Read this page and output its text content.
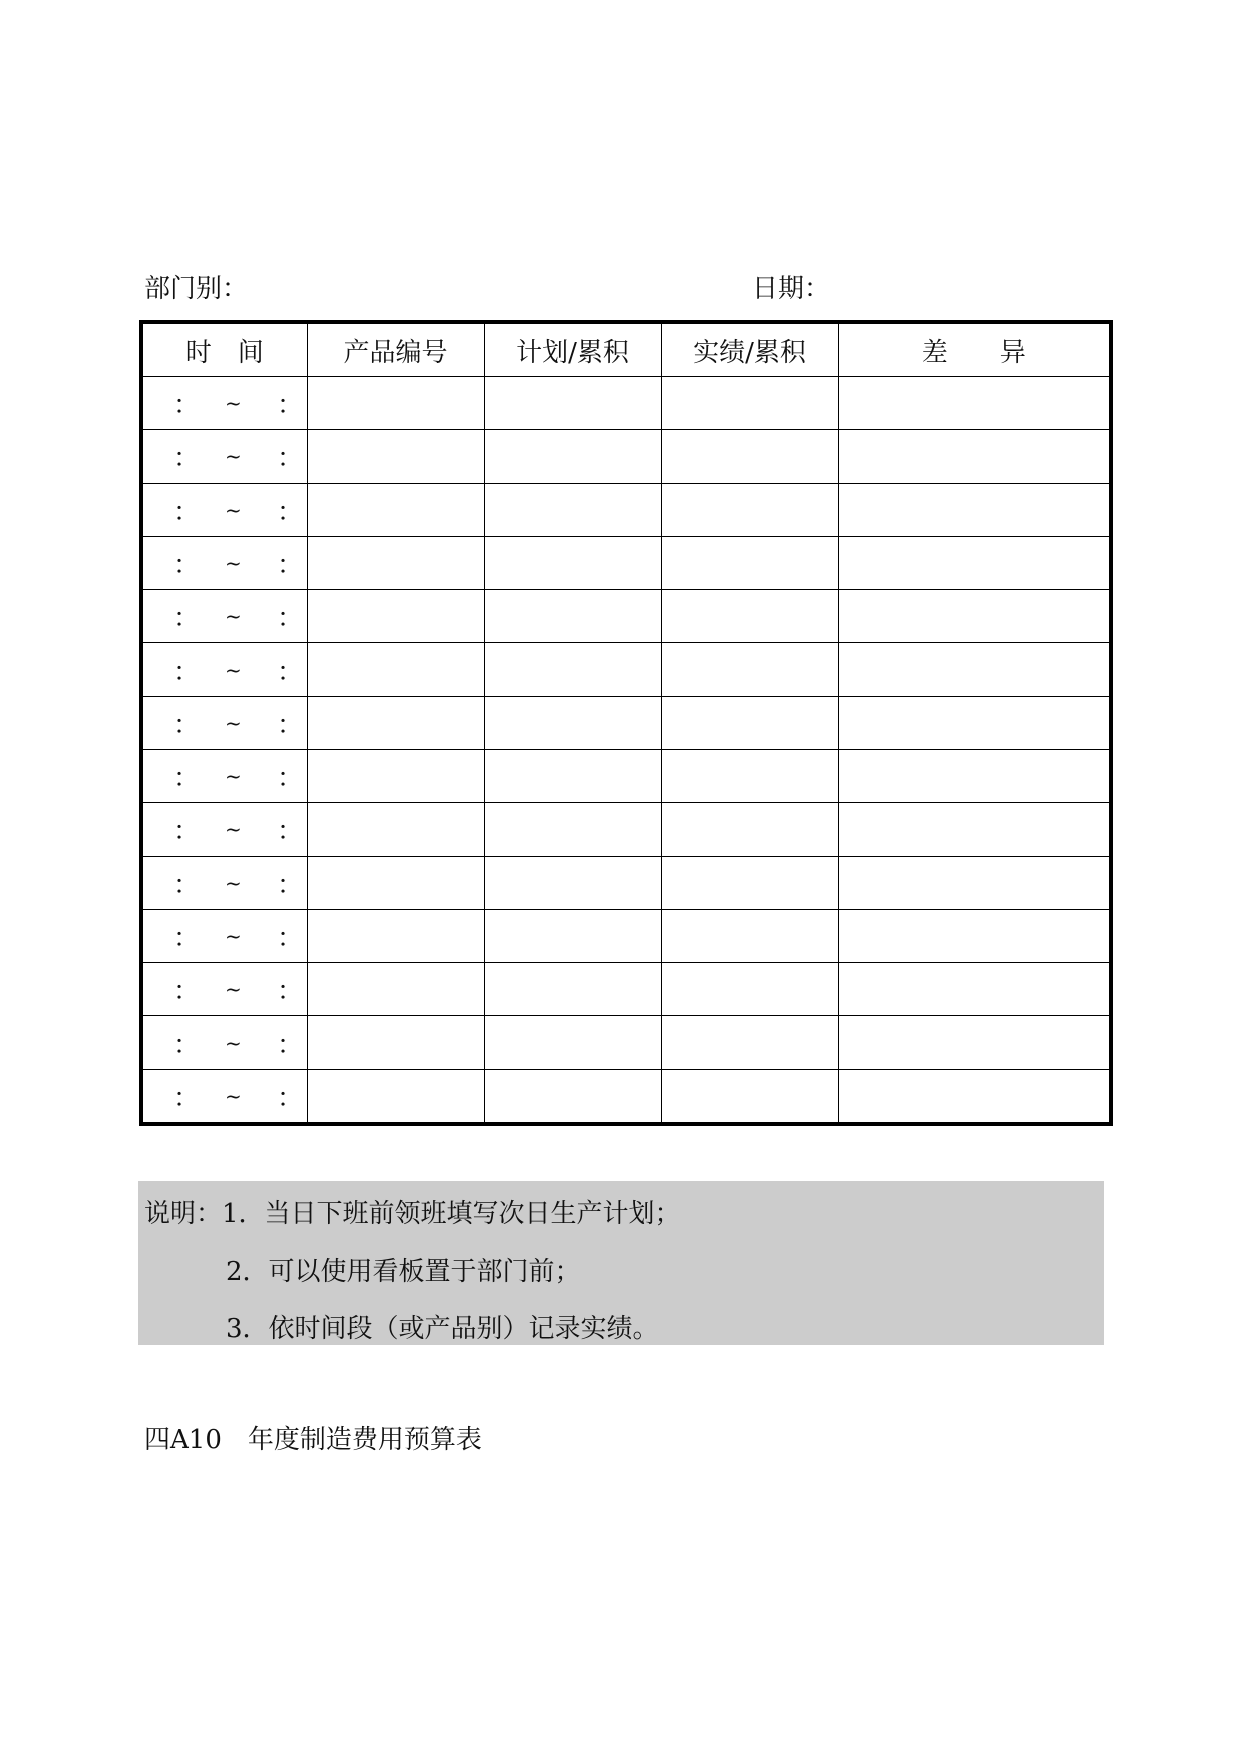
部门别：	日期：
时　间	产品编号	计划/累积	实绩/累积	差　　异

： ~ ：				

： ~ ：				

： ~ ：				

： ~ ：				

： ~ ：				

： ~ ：				

： ~ ：				

： ~ ：				

： ~ ：				

： ~ ：				

： ~ ：				

： ~ ：				

： ~ ：				

： ~ ：				

说明：1．当日下班前领班填写次日生产计划；
2．可以使用看板置于部门前；
3．依时间段（或产品别）记录实绩。
四A10　年度制造费用预算表
